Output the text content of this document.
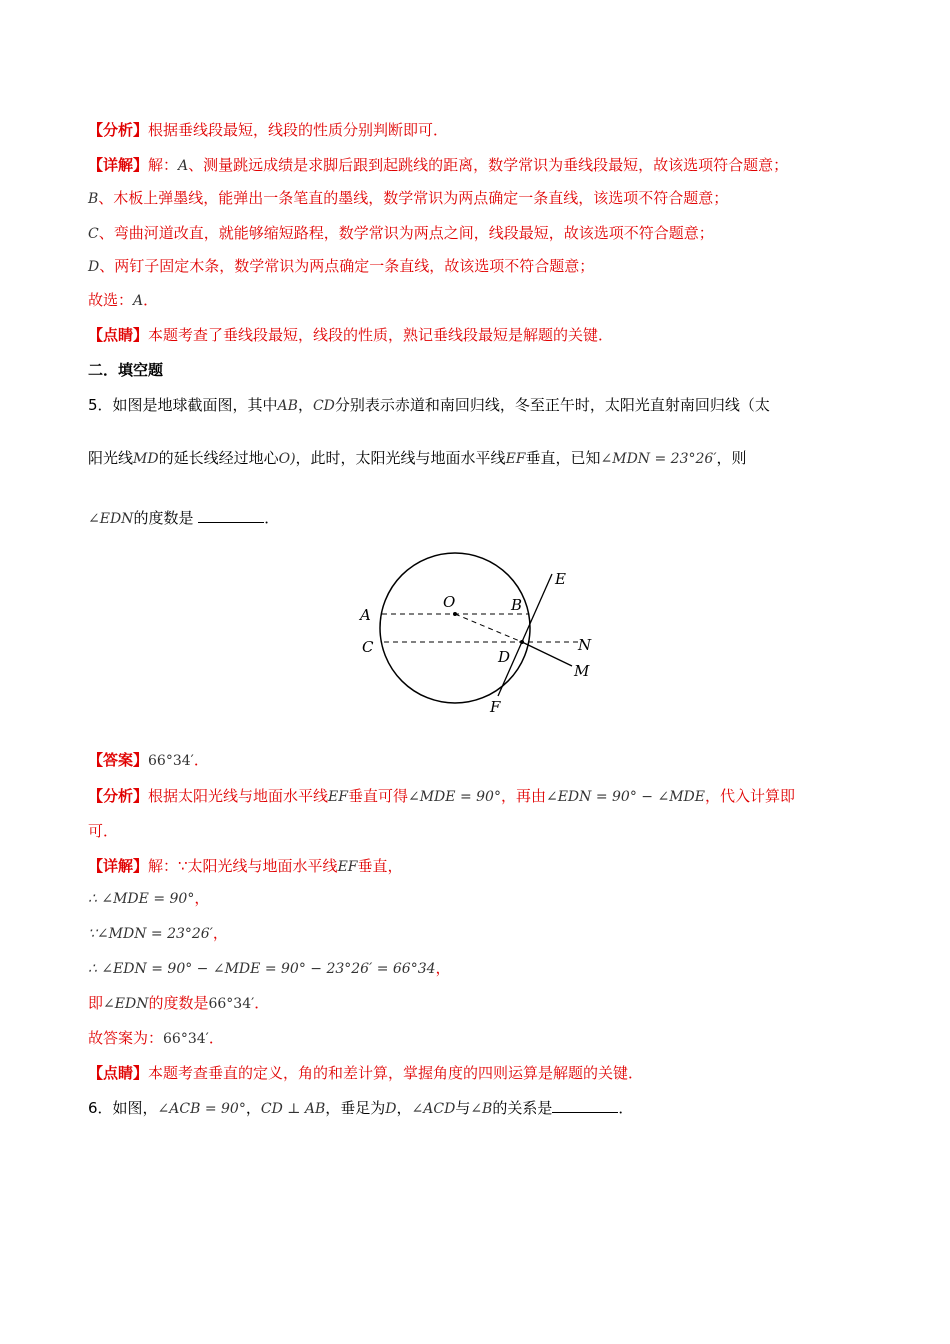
【分析】根据垂线段最短，线段的性质分别判断即可．
【详解】解：A、测量跳远成绩是求脚后跟到起跳线的距离，数学常识为垂线段最短，故该选项符合题意；
B、木板上弹墨线，能弹出一条笔直的墨线，数学常识为两点确定一条直线，该选项不符合题意；
C、弯曲河道改直，就能够缩短路程，数学常识为两点之间，线段最短，故该选项不符合题意；
D、两钉子固定木条，数学常识为两点确定一条直线，故该选项不符合题意；
故选：A．
【点睛】本题考查了垂线段最短，线段的性质，熟记垂线段最短是解题的关键．
二．填空题
5．如图是地球截面图，其中AB，CD分别表示赤道和南回归线，冬至正午时，太阳光直射南回归线（太
阳光线MD的延长线经过地心O)，此时，太阳光线与地面水平线EF垂直，已知∠MDN = 23°26′，则
∠EDN的度数是	．
A
B
C
D
E
F
M
N
O
【答案】66°34′．
【分析】根据太阳光线与地面水平线EF垂直可得∠MDE = 90°，再由∠EDN = 90° − ∠MDE，代入计算即
可．
【详解】解：∵太阳光线与地面水平线EF垂直，
∴ ∠MDE = 90°，
∵∠MDN = 23°26′，
∴ ∠EDN = 90° − ∠MDE = 90° − 23°26′ = 66°34，
即∠EDN的度数是66°34′．
故答案为：66°34′．
【点睛】本题考查垂直的定义，角的和差计算，掌握角度的四则运算是解题的关键．
6．如图，∠ACB = 90°，CD ⊥ AB，垂足为D，∠ACD与∠B的关系是	．
